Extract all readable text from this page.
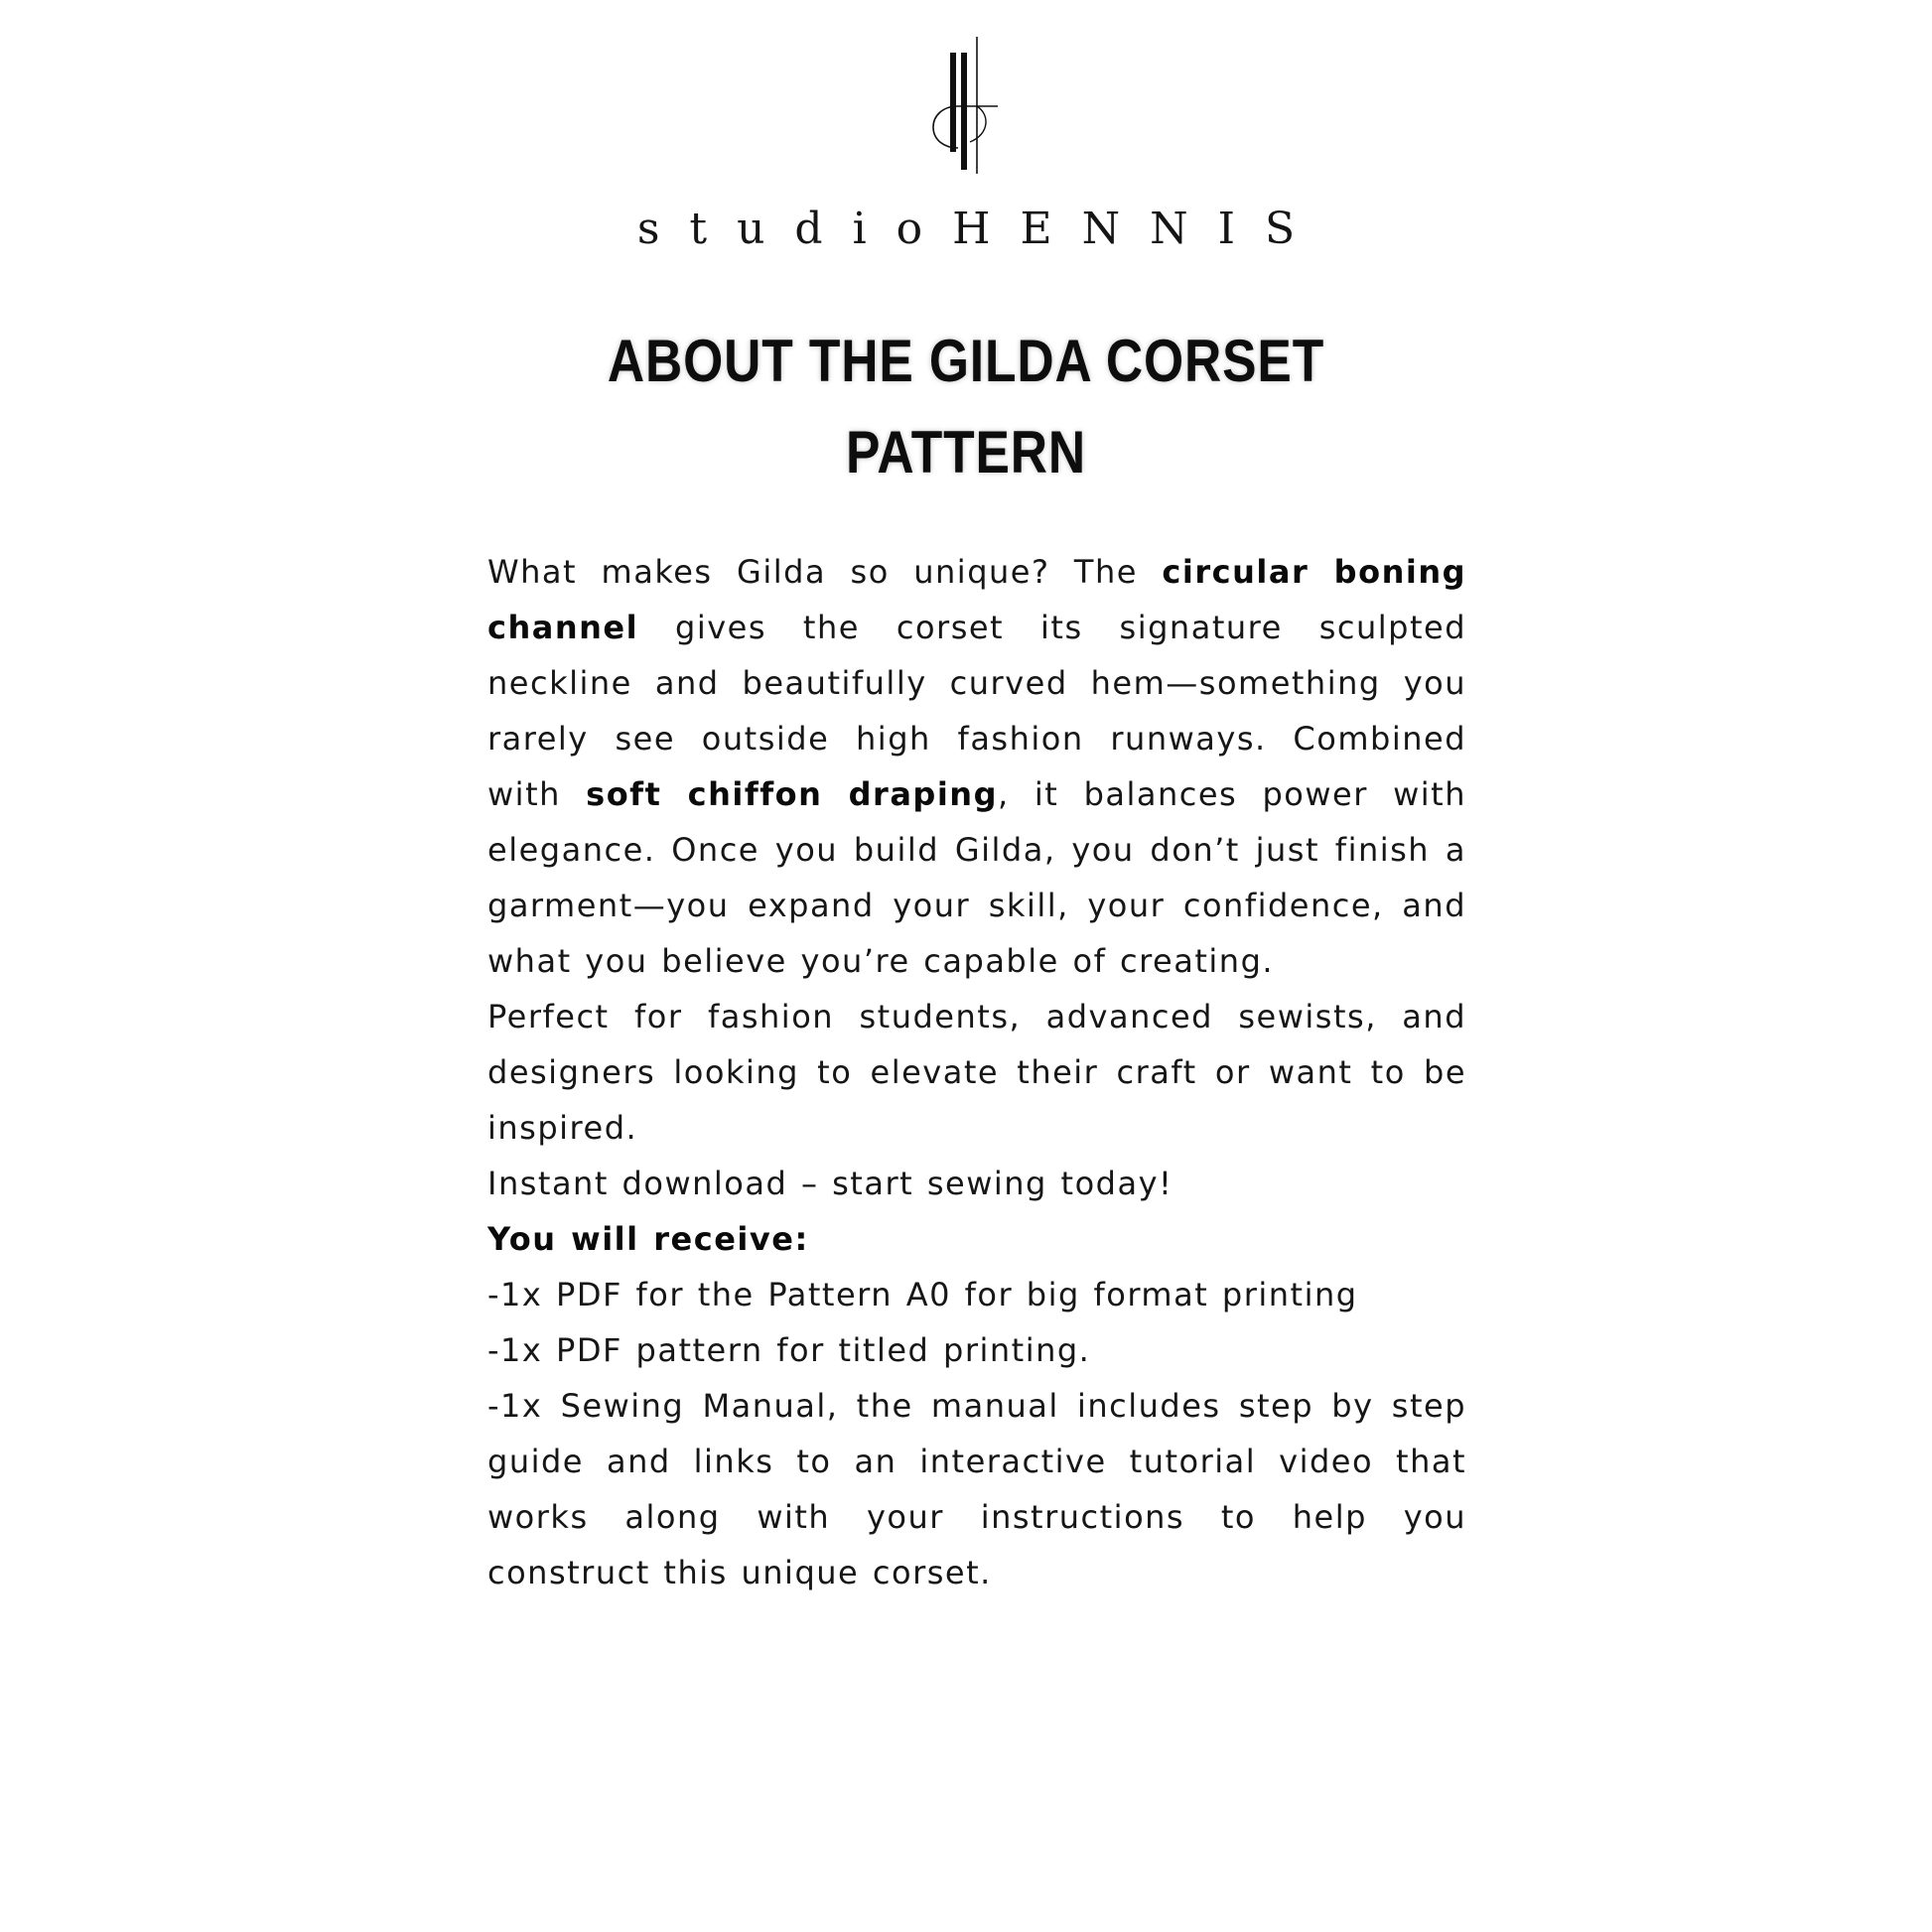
studioHENNIS
ABOUT THE GILDA CORSET
PATTERN

What makes Gilda so unique? The circular boning channel gives the corset its signature sculpted neckline and beautifully curved hem—something you rarely see outside high fashion runways. Combined with soft chiffon draping, it balances power with elegance. Once you build Gilda, you don’t just finish a garment—you expand your skill, your confidence, and what you believe you’re capable of creating.

Perfect for fashion students, advanced sewists, and designers looking to elevate their craft or want to be inspired.

Instant download – start sewing today!

You will receive:

-1x PDF for the Pattern A0 for big format printing

-1x PDF pattern for titled printing.

-1x Sewing Manual, the manual includes step by step guide and links to an interactive tutorial video that works along with your instructions to help you construct this unique corset.
